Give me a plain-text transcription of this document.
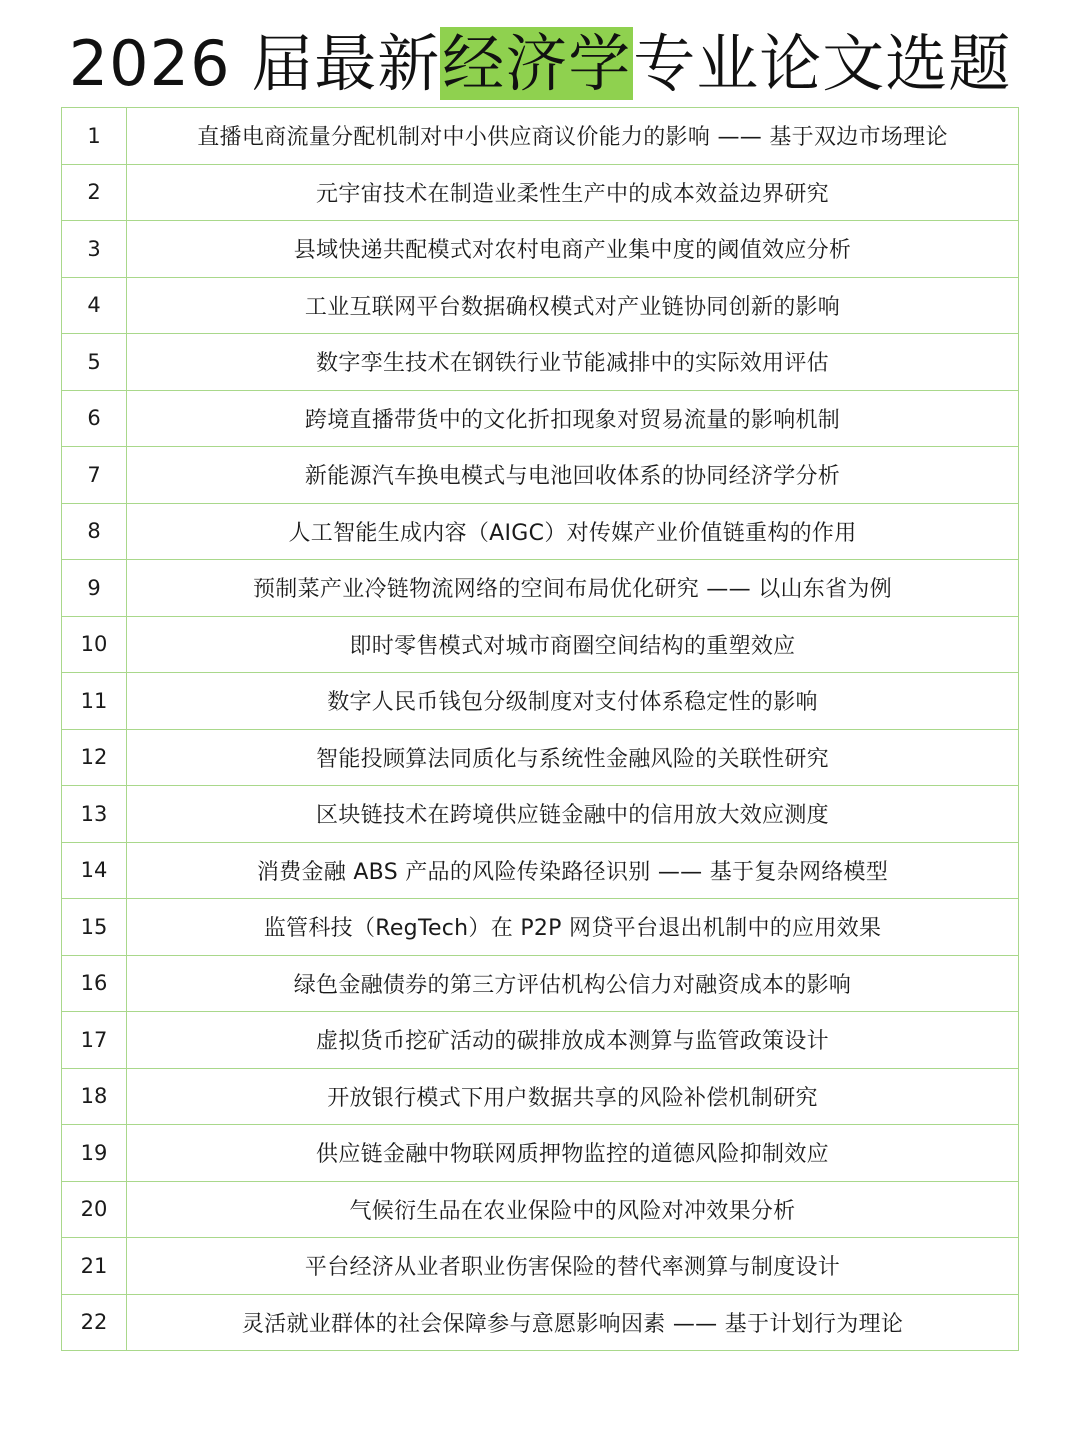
2026 届最新经济学专业论文选题
1	直播电商流量分配机制对中小供应商议价能力的影响 —— 基于双边市场理论
2	元宇宙技术在制造业柔性生产中的成本效益边界研究
3	县域快递共配模式对农村电商产业集中度的阈值效应分析
4	工业互联网平台数据确权模式对产业链协同创新的影响
5	数字孪生技术在钢铁行业节能减排中的实际效用评估
6	跨境直播带货中的文化折扣现象对贸易流量的影响机制
7	新能源汽车换电模式与电池回收体系的协同经济学分析
8	人工智能生成内容（AIGC）对传媒产业价值链重构的作用
9	预制菜产业冷链物流网络的空间布局优化研究 —— 以山东省为例
10	即时零售模式对城市商圈空间结构的重塑效应
11	数字人民币钱包分级制度对支付体系稳定性的影响
12	智能投顾算法同质化与系统性金融风险的关联性研究
13	区块链技术在跨境供应链金融中的信用放大效应测度
14	消费金融 ABS 产品的风险传染路径识别 —— 基于复杂网络模型
15	监管科技（RegTech）在 P2P 网贷平台退出机制中的应用效果
16	绿色金融债券的第三方评估机构公信力对融资成本的影响
17	虚拟货币挖矿活动的碳排放成本测算与监管政策设计
18	开放银行模式下用户数据共享的风险补偿机制研究
19	供应链金融中物联网质押物监控的道德风险抑制效应
20	气候衍生品在农业保险中的风险对冲效果分析
21	平台经济从业者职业伤害保险的替代率测算与制度设计
22	灵活就业群体的社会保障参与意愿影响因素 —— 基于计划行为理论
